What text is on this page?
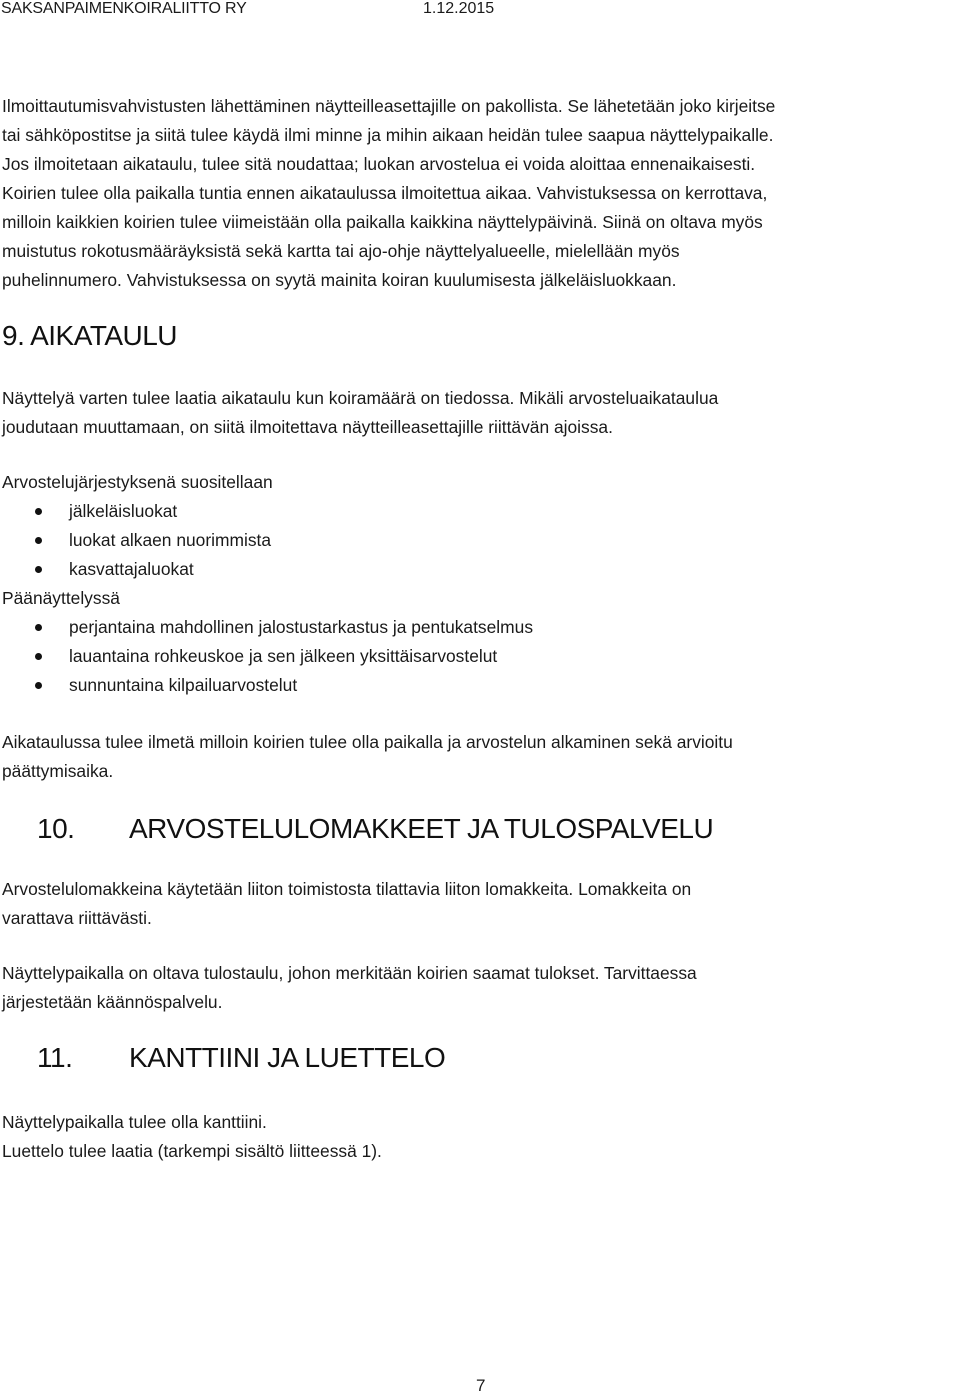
SAKSANPAIMENKOIRALIITTO RY	1.12.2015

Ilmoittautumisvahvistusten lähettäminen näytteilleasettajille on pakollista. Se lähetetään joko kirjeitse

tai sähköpostitse ja siitä tulee käydä ilmi minne ja mihin aikaan heidän tulee saapua näyttelypaikalle.

Jos ilmoitetaan aikataulu, tulee sitä noudattaa; luokan arvostelua ei voida aloittaa ennenaikaisesti.

Koirien tulee olla paikalla tuntia ennen aikataulussa ilmoitettua aikaa. Vahvistuksessa on kerrottava,

milloin kaikkien koirien tulee viimeistään olla paikalla kaikkina näyttelypäivinä. Siinä on oltava myös

muistutus rokotusmääräyksistä sekä kartta tai ajo-ohje näyttelyalueelle, mielellään myös

puhelinnumero. Vahvistuksessa on syytä mainita koiran kuulumisesta jälkeläisluokkaan.

9. AIKATAULU

Näyttelyä varten tulee laatia aikataulu kun koiramäärä on tiedossa. Mikäli arvosteluaikataulua

joudutaan muuttamaan, on siitä ilmoitettava näytteilleasettajille riittävän ajoissa.

Arvostelujärjestyksenä suositellaan

jälkeläisluokat
luokat alkaen nuorimmista
kasvattajaluokat

Päänäyttelyssä

perjantaina mahdollinen jalostustarkastus ja pentukatselmus
lauantaina rohkeuskoe ja sen jälkeen yksittäisarvostelut
sunnuntaina kilpailuarvostelut

Aikataulussa tulee ilmetä milloin koirien tulee olla paikalla ja arvostelun alkaminen sekä arvioitu

päättymisaika.

10. ARVOSTELULOMAKKEET JA TULOSPALVELU

Arvostelulomakkeina käytetään liiton toimistosta tilattavia liiton lomakkeita. Lomakkeita on

varattava riittävästi.

Näyttelypaikalla on oltava tulostaulu, johon merkitään koirien saamat tulokset. Tarvittaessa

järjestetään käännöspalvelu.

11. KANTTIINI JA LUETTELO

Näyttelypaikalla tulee olla kanttiini.

Luettelo tulee laatia (tarkempi sisältö liitteessä 1).

7
